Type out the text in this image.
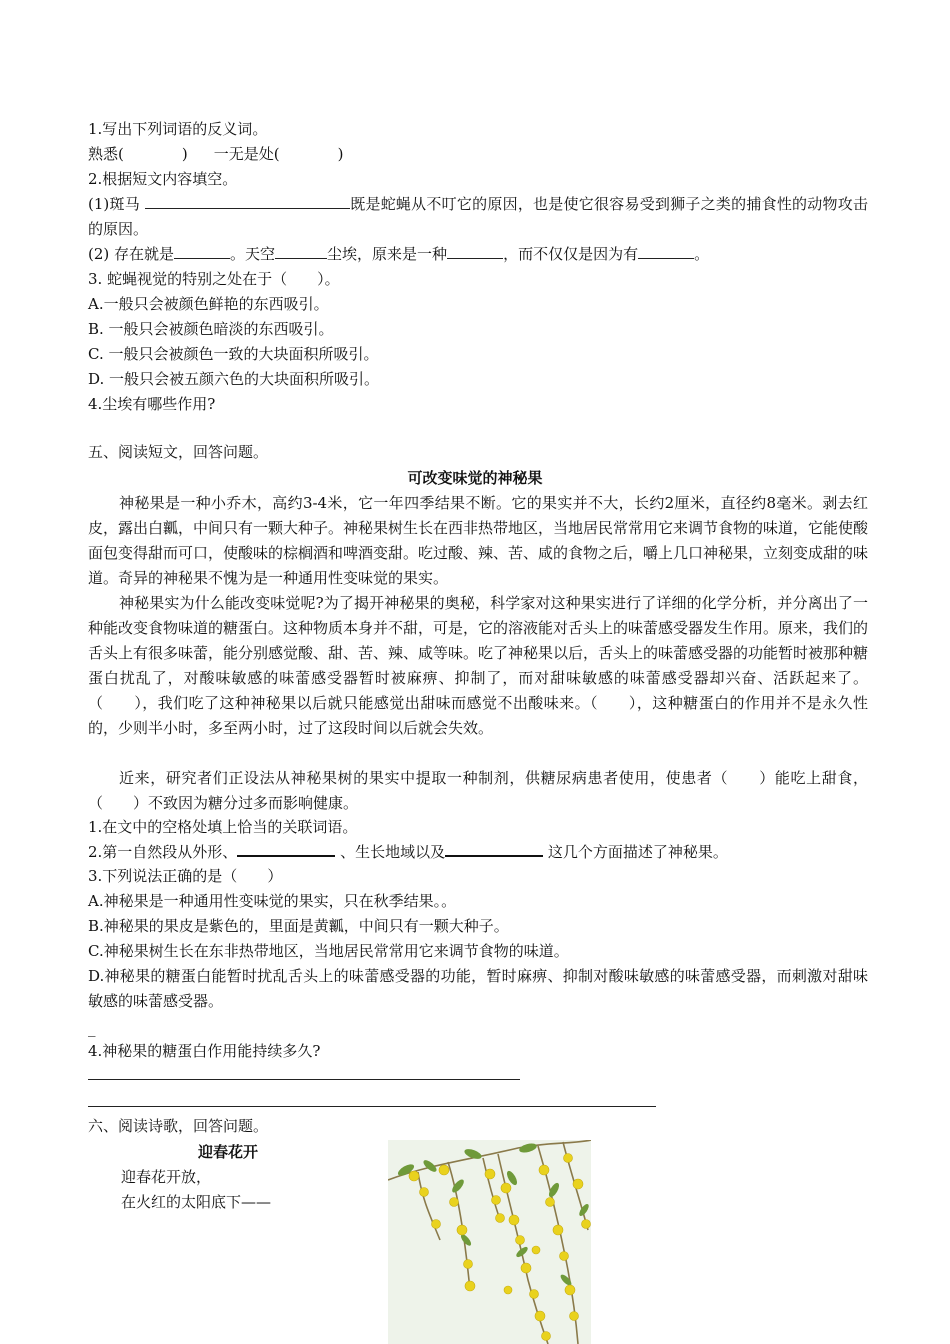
1.写出下列词语的反义词。
熟悉(	) 一无是处(	)
2.根据短文内容填空。
(1)斑马	既是蛇蝇从不叮它的原因，也是使它很容易受到狮子之类的捕食性的动物攻击的原因。
(2) 存在就是	。天空	尘埃，原来是一种	，而不仅仅是因为有	。
3. 蛇蝇视觉的特别之处在于（　　）。
A.一般只会被颜色鲜艳的东西吸引。
B. 一般只会被颜色暗淡的东西吸引。
C. 一般只会被颜色一致的大块面积所吸引。
D. 一般只会被五颜六色的大块面积所吸引。
4.尘埃有哪些作用?
五、阅读短文，回答问题。
可改变味觉的神秘果
神秘果是一种小乔木，高约3-4米，它一年四季结果不断。它的果实并不大，长约2厘米，直径约8毫米。剥去红皮，露出白瓤，中间只有一颗大种子。神秘果树生长在西非热带地区，当地居民常常用它来调节食物的味道，它能使酸面包变得甜而可口，使酸味的棕榈酒和啤酒变甜。吃过酸、辣、苦、咸的食物之后，嚼上几口神秘果，立刻变成甜的味道。奇异的神秘果不愧为是一种通用性变味觉的果实。
神秘果实为什么能改变味觉呢?为了揭开神秘果的奥秘，科学家对这种果实进行了详细的化学分析，并分离出了一种能改变食物味道的糖蛋白。这种物质本身并不甜，可是，它的溶液能对舌头上的味蕾感受器发生作用。原来，我们的舌头上有很多味蕾，能分别感觉酸、甜、苦、辣、咸等味。吃了神秘果以后，舌头上的味蕾感受器的功能暂时被那种糖蛋白扰乱了，对酸味敏感的味蕾感受器暂时被麻痹、抑制了，而对甜味敏感的味蕾感受器却兴奋、活跃起来了。（　　），我们吃了这种神秘果以后就只能感觉出甜味而感觉不出酸味来。（　　），这种糖蛋白的作用并不是永久性的，少则半小时，多至两小时，过了这段时间以后就会失效。
近来，研究者们正设法从神秘果树的果实中提取一种制剂，供糖尿病患者使用，使患者（　　）能吃上甜食，（　　）不致因为糖分过多而影响健康。
1.在文中的空格处填上恰当的关联词语。
2.第一自然段从外形、	、生长地域以及	这几个方面描述了神秘果。
3.下列说法正确的是（　　）
A.神秘果是一种通用性变味觉的果实，只在秋季结果。。
B.神秘果的果皮是紫色的，里面是黄瓤，中间只有一颗大种子。
C.神秘果树生长在东非热带地区，当地居民常常用它来调节食物的味道。
D.神秘果的糖蛋白能暂时扰乱舌头上的味蕾感受器的功能，暂时麻痹、抑制对酸味敏感的味蕾感受器，而刺激对甜味敏感的味蕾感受器。
_
4.神秘果的糖蛋白作用能持续多久?
六、阅读诗歌，回答问题。
迎春花开
迎春花开放，
在火红的太阳底下——
